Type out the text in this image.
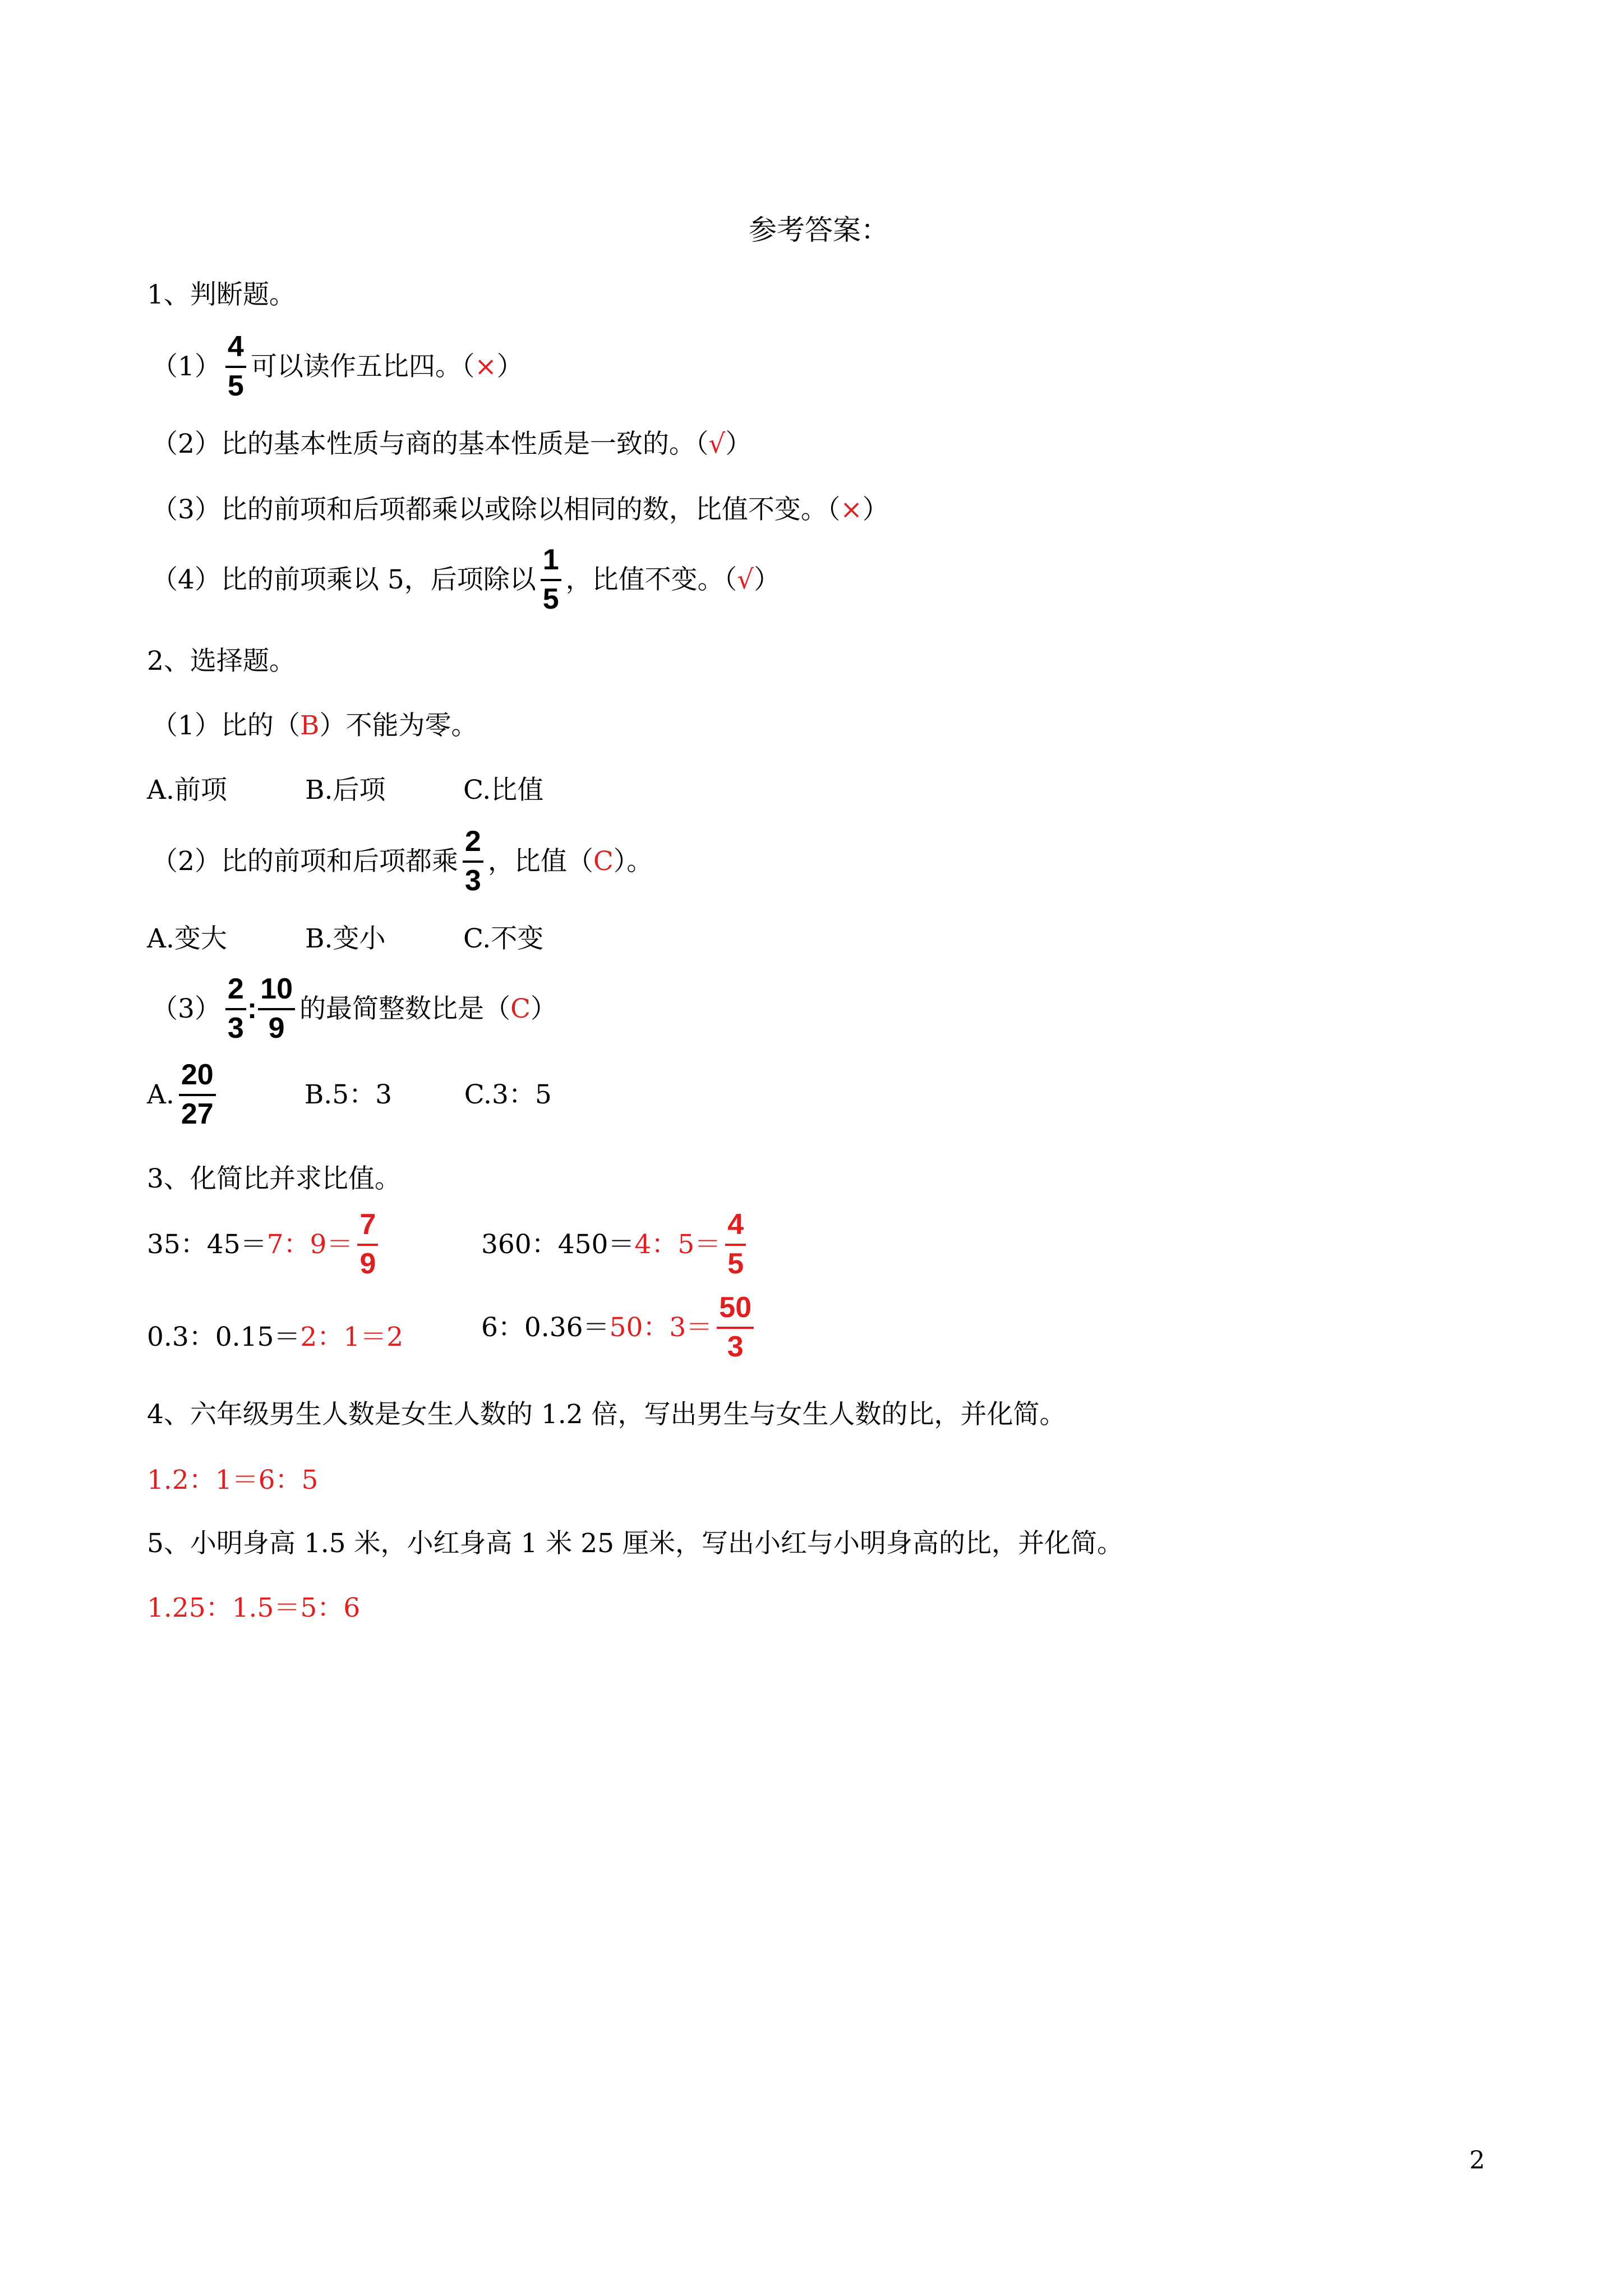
参考答案：
1、判断题。
$(1) \frac{4}{5}$ 可以读作五比四。（ × ）
（2）比的基本性质与商的基本性质是一致的。（ √ ）
（3）比的前项和后项都乘以或除以相同的数，比值不变。（ × ）
（4）比的前项乘以 5，后项除以 $\frac{1}{5}$ ，比值不变。（ √ ）
2、选择题。
（1）比的（ B ）不能为零。
A.前项	B.后项	C.比值
（2）比的前项和后项都乘 $\frac{2}{3}$ ，比值（ C ）。
A.变大	B.变小	C.不变
$(3) \frac{2}{3}$ : $\frac{10}{9}$ 的最简整数比是（ C ）
A. $\frac{20}{27}$	B.5：3	C.3：5
3、化简比并求比值。
35：45＝ 7：$9= \frac{7}{9}$	360：450＝ 4：$5= \frac{4}{5}$
0.3：0.15＝ 2：1＝2	6：0.36＝ 50：$3= \frac{50}{3}$
4、六年级男生人数是女生人数的 1.2 倍，写出男生与女生人数的比，并化简。
1.2：1＝6：5
5、小明身高 1.5 米，小红身高 1 米 25 厘米，写出小红与小明身高的比，并化简。
1.25：1.5＝5：6
2
